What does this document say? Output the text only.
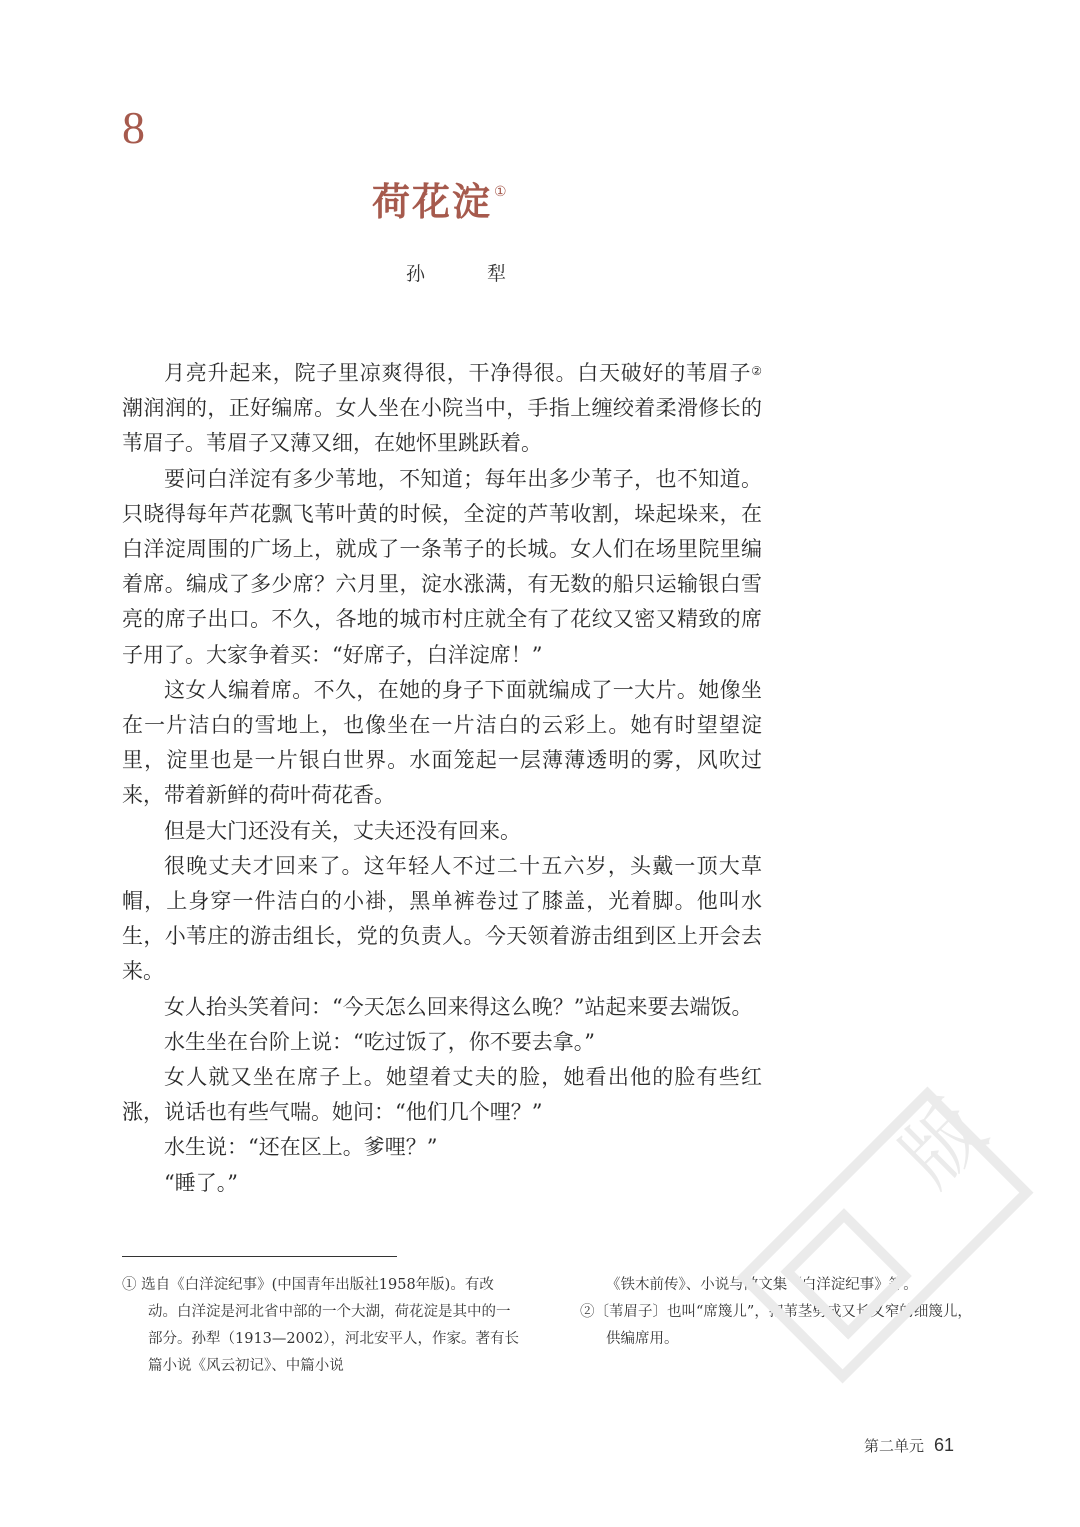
8
荷花淀 ①
孙 犁

月亮升起来，院子里凉爽得很，干净得很。白天破好的苇眉子②潮润润的，正好编席。女人坐在小院当中，手指上缠绞着柔滑修长的苇眉子。苇眉子又薄又细，在她怀里跳跃着。

要问白洋淀有多少苇地，不知道；每年出多少苇子，也不知道。只晓得每年芦花飘飞苇叶黄的时候，全淀的芦苇收割，垛起垛来，在白洋淀周围的广场上，就成了一条苇子的长城。女人们在场里院里编着席。编成了多少席？六月里，淀水涨满，有无数的船只运输银白雪亮的席子出口。不久，各地的城市村庄就全有了花纹又密又精致的席子用了。大家争着买：“好席子，白洋淀席！”

这女人编着席。不久，在她的身子下面就编成了一大片。她像坐在一片洁白的雪地上，也像坐在一片洁白的云彩上。她有时望望淀里，淀里也是一片银白世界。水面笼起一层薄薄透明的雾，风吹过来，带着新鲜的荷叶荷花香。

但是大门还没有关，丈夫还没有回来。

很晚丈夫才回来了。这年轻人不过二十五六岁，头戴一顶大草帽，上身穿一件洁白的小褂，黑单裤卷过了膝盖，光着脚。他叫水生，小苇庄的游击组长，党的负责人。今天领着游击组到区上开会去来。

女人抬头笑着问：“今天怎么回来得这么晚？”站起来要去端饭。

水生坐在台阶上说：“吃过饭了，你不要去拿。”

女人就又坐在席子上。她望着丈夫的脸，她看出他的脸有些红涨，说话也有些气喘。她问：“他们几个哩？”

水生说：“还在区上。爹哩？”

“睡了。”

① 选自《白洋淀纪事》(中国青年出版社1958年版)。有改动。白洋淀是河北省中部的一个大湖，荷花淀是其中的一部分。孙犁（1913—2002），河北安平人，作家。著有长篇小说《风云初记》、中篇小说

《铁木前传》、小说与散文集《白洋淀纪事》等。

②〔苇眉子〕也叫“席篾儿”，把苇茎劈成又长又窄的细篾儿，供编席用。

版
第二单元 61
